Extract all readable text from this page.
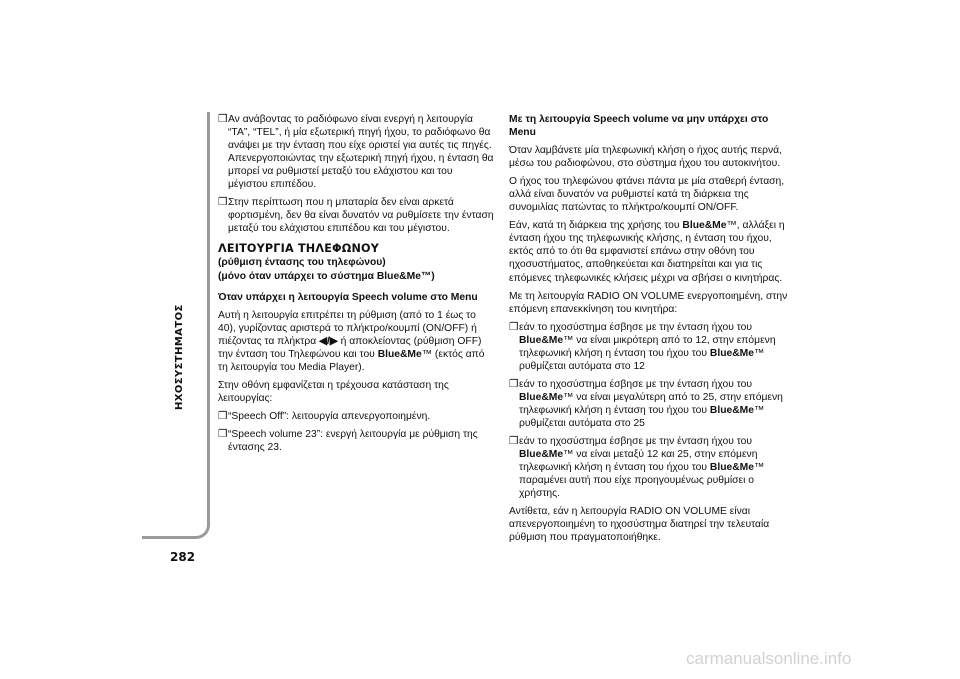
ΗΧΟΣΥΣΤΗΜΑΤΟΣ
282
❒ Αν ανάβοντας το ραδιόφωνο είναι ενεργή η λειτουργία “TA”, “TEL”, ή μία εξωτερική πηγή ήχου, το ραδιόφωνο θα ανάψει με την ένταση που είχε οριστεί για αυτές τις πηγές. Απενεργοποιώντας την εξωτερική πηγή ήχου, η ένταση θα μπορεί να ρυθμιστεί μεταξύ του ελάχιστου και του μέγιστου επιπέδου.
❒ Στην περίπτωση που η μπαταρία δεν είναι αρκετά φορτισμένη, δεν θα είναι δυνατόν να ρυθμίσετε την ένταση μεταξύ του ελάχιστου επιπέδου και του μέγιστου.
ΛΕΙΤΟΥΡΓΙΑ ΤΗΛΕΦΩΝΟΥ
(ρύθμιση έντασης του τηλεφώνου)
(μόνο όταν υπάρχει το σύστημα Blue&Me™)
Όταν υπάρχει η λειτουργία Speech volume στο Menu

Αυτή η λειτουργία επιτρέπει τη ρύθμιση (από το 1 έως το 40), γυρίζοντας αριστερά το πλήκτρο/κουμπί (ON/OFF) ή πιέζοντας τα πλήκτρα ◀/▶ ή αποκλείοντας (ρύθμιση OFF) την ένταση του Τηλεφώνου και του Blue&Me™ (εκτός από τη λειτουργία του Media Player).

Στην οθόνη εμφανίζεται η τρέχουσα κατάσταση της λειτουργίας:

❒ “Speech Off”: λειτουργία απενεργοποιημένη.
❒ “Speech volume 23”: ενεργή λειτουργία με ρύθμιση της έντασης 23.
Με τη λειτουργία Speech volume να μην υπάρχει στο Menu

Όταν λαμβάνετε μία τηλεφωνική κλήση ο ήχος αυτής περνά, μέσω του ραδιοφώνου, στο σύστημα ήχου του αυτοκινήτου.

Ο ήχος του τηλεφώνου φτάνει πάντα με μία σταθερή ένταση, αλλά είναι δυνατόν να ρυθμιστεί κατά τη διάρκεια της συνομιλίας πατώντας το πλήκτρο/κουμπί ON/OFF.

Εάν, κατά τη διάρκεια της χρήσης του Blue&Me™, αλλάξει η ένταση ήχου της τηλεφωνικής κλήσης, η ένταση του ήχου, εκτός από το ότι θα εμφανιστεί επάνω στην οθόνη του ηχοσυστήματος, αποθηκεύεται και διατηρείται και για τις επόμενες τηλεφωνικές κλήσεις μέχρι να σβήσει ο κινητήρας.

Με τη λειτουργία RADIO ON VOLUME ενεργοποιημένη, στην επόμενη επανεκκίνηση του κινητήρα:

❒ εάν το ηχοσύστημα έσβησε με την ένταση ήχου του Blue&Me™ να είναι μικρότερη από το 12, στην επόμενη τηλεφωνική κλήση η ένταση του ήχου του Blue&Me™ ρυθμίζεται αυτόματα στο 12
❒ εάν το ηχοσύστημα έσβησε με την ένταση ήχου του Blue&Me™ να είναι μεγαλύτερη από το 25, στην επόμενη τηλεφωνική κλήση η ένταση του ήχου του Blue&Me™ ρυθμίζεται αυτόματα στο 25
❒ εάν το ηχοσύστημα έσβησε με την ένταση ήχου του Blue&Me™ να είναι μεταξύ 12 και 25, στην επόμενη τηλεφωνική κλήση η ένταση του ήχου του Blue&Me™ παραμένει αυτή που είχε προηγουμένως ρυθμίσει ο χρήστης.

Αντίθετα, εάν η λειτουργία RADIO ON VOLUME είναι απενεργοποιημένη το ηχοσύστημα διατηρεί την τελευταία ρύθμιση που πραγματοποιήθηκε.

carmanualsonline.info
